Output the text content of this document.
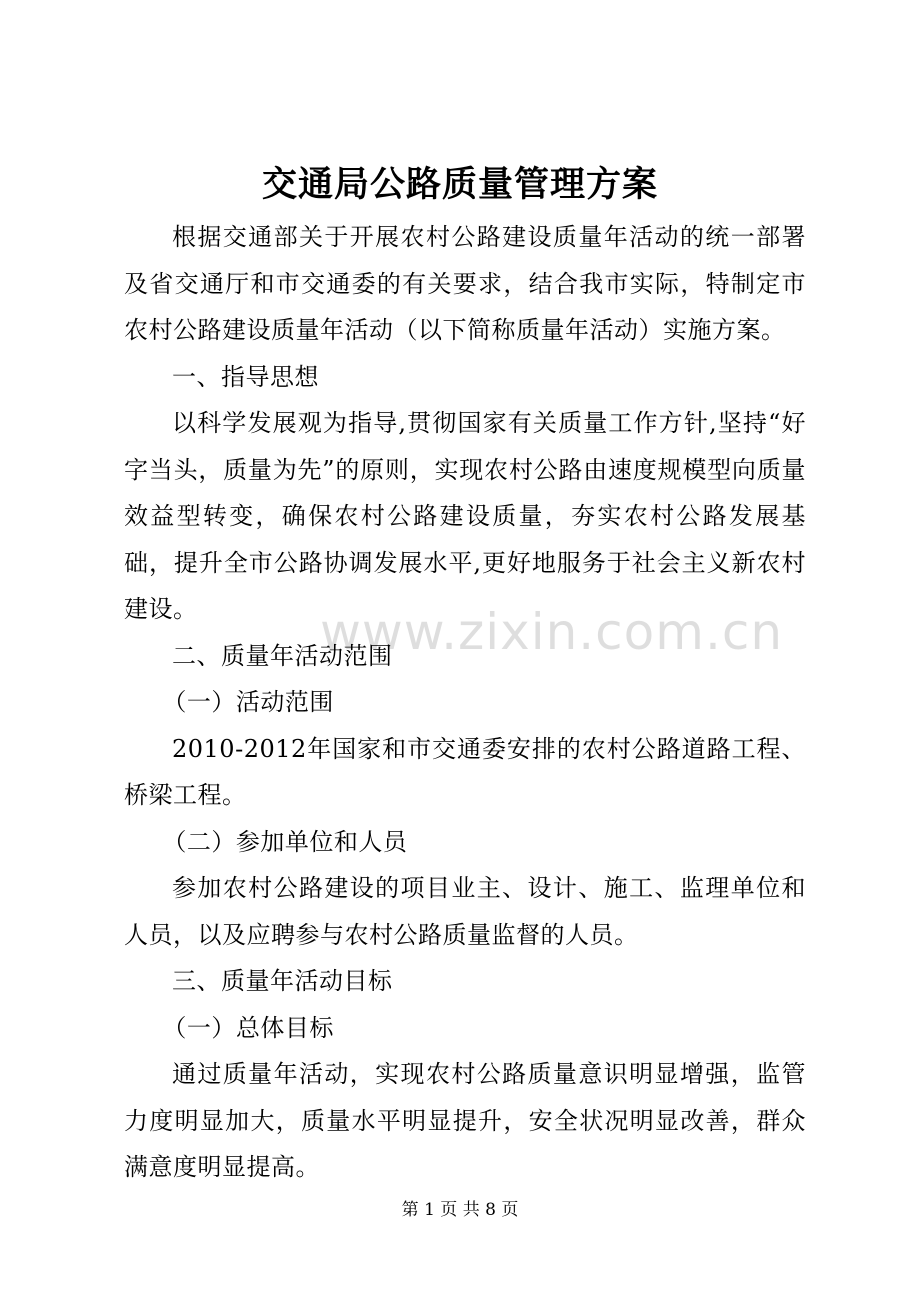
交通局公路质量管理方案

根据交通部关于开展农村公路建设质量年活动的统一部署及省交通厅和市交通委的有关要求，结合我市实际，特制定市农村公路建设质量年活动（以下简称质量年活动）实施方案。

一、指导思想

以科学发展观为指导,贯彻国家有关质量工作方针,坚持“好字当头，质量为先”的原则，实现农村公路由速度规模型向质量效益型转变，确保农村公路建设质量，夯实农村公路发展基础，提升全市公路协调发展水平,更好地服务于社会主义新农村建设。

二、质量年活动范围

（一）活动范围

2010-2012年国家和市交通委安排的农村公路道路工程、桥梁工程。

（二）参加单位和人员

参加农村公路建设的项目业主、设计、施工、监理单位和人员，以及应聘参与农村公路质量监督的人员。

三、质量年活动目标

（一）总体目标

通过质量年活动，实现农村公路质量意识明显增强，监管力度明显加大，质量水平明显提升，安全状况明显改善，群众满意度明显提高。

www.zixin.com.cn
第 1 页 共 8 页
